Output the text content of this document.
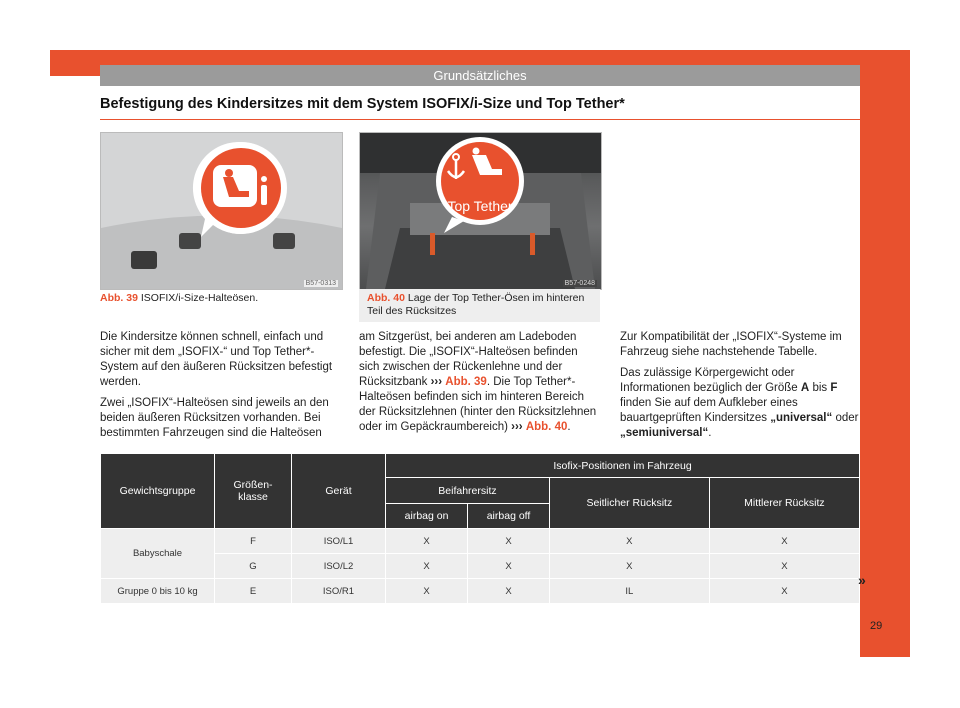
Grundsätzliches
Befestigung des Kindersitzes mit dem System ISOFIX/i-Size und Top Tether*
B57-0313
Abb. 39 ISOFIX/i-Size-Halteösen.
Top Tether
B57-0248
Abb. 40 Lage der Top Tether-Ösen im hinteren Teil des Rücksitzes

Die Kindersitze können schnell, einfach und sicher mit dem „ISOFIX-“ und Top Tether*-System auf den äußeren Rücksitzen befestigt werden.

Zwei „ISOFIX“-Halteösen sind jeweils an den beiden äußeren Rücksitzen vorhanden. Bei bestimmten Fahrzeugen sind die Halteösen

am Sitzgerüst, bei anderen am Ladeboden befestigt. Die „ISOFIX“-Halteösen befinden sich zwischen der Rückenlehne und der Rücksitzbank ››› Abb. 39. Die Top Tether*-Halteösen befinden sich im hinteren Bereich der Rücksitzlehnen (hinter den Rücksitzlehnen oder im Gepäckraumbereich) ››› Abb. 40.

Zur Kompatibilität der „ISOFIX“-Systeme im Fahrzeug siehe nachstehende Tabelle.

Das zulässige Körpergewicht oder Informationen bezüglich der Größe A bis F finden Sie auf dem Aufkleber eines bauartgeprüften Kindersitzes „universal“ oder „semiuniversal“.

Gewichtsgruppe	Größen-
klasse	Gerät	Isofix-Positionen im Fahrzeug			
			Beifahrersitz		Seitlicher Rücksitz	Mittlerer Rücksitz
			airbag on	airbag off		
Babyschale	F	ISO/L1	X	X	X	X
	G	ISO/L2	X	X	X	X
Gruppe 0 bis 10 kg	E	ISO/R1	X	X	IL	X
»
29
